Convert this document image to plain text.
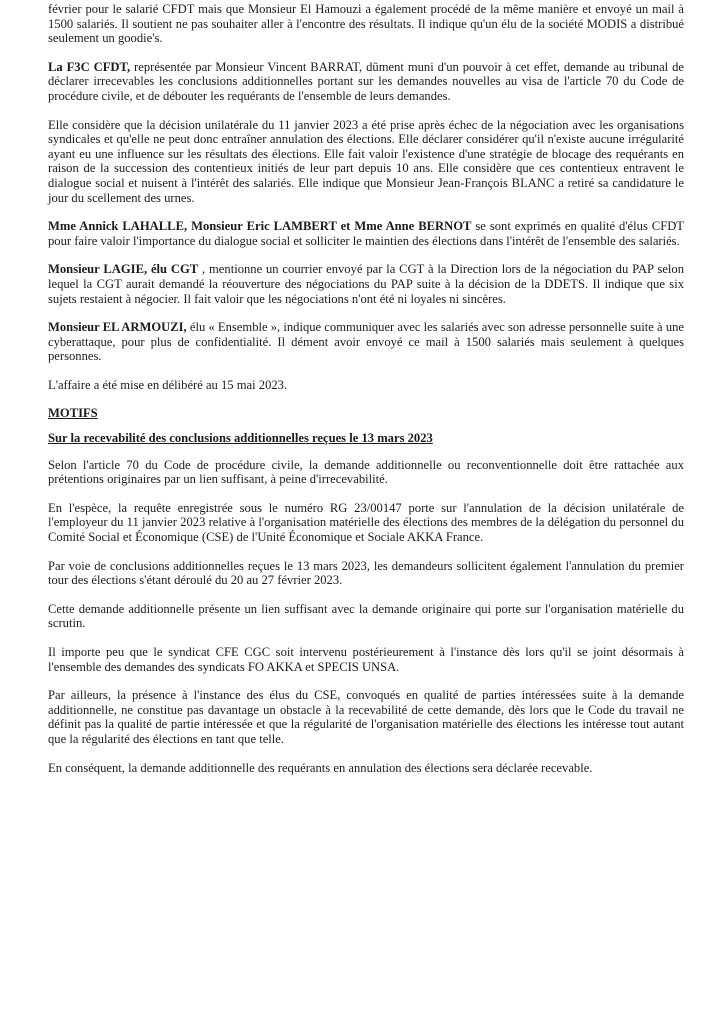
février pour le salarié CFDT mais que Monsieur El Hamouzi a également procédé de la même manière et envoyé un mail à 1500 salariés. Il soutient ne pas souhaiter aller à l'encontre des résultats. Il indique qu'un élu de la société MODIS a distribué seulement un goodie's.

La F3C CFDT, représentée par Monsieur Vincent BARRAT, dûment muni d'un pouvoir à cet effet, demande au tribunal de déclarer irrecevables les conclusions additionnelles portant sur les demandes nouvelles au visa de l'article 70 du Code de procédure civile, et de débouter les requérants de l'ensemble de leurs demandes.

Elle considère que la décision unilatérale du 11 janvier 2023 a été prise après échec de la négociation avec les organisations syndicales et qu'elle ne peut donc entraîner annulation des élections. Elle déclarer considérer qu'il n'existe aucune irrégularité ayant eu une influence sur les résultats des élections. Elle fait valoir l'existence d'une stratégie de blocage des requérants en raison de la succession des contentieux initiés de leur part depuis 10 ans. Elle considère que ces contentieux entravent le dialogue social et nuisent à l'intérêt des salariés. Elle indique que Monsieur Jean-François BLANC a retiré sa candidature le jour du scellement des urnes.

Mme Annick LAHALLE, Monsieur Eric LAMBERT et Mme Anne BERNOT se sont exprimés en qualité d'élus CFDT pour faire valoir l'importance du dialogue social et solliciter le maintien des élections dans l'intérêt de l'ensemble des salariés.

Monsieur LAGIE, élu CGT , mentionne un courrier envoyé par la CGT à la Direction lors de la négociation du PAP selon lequel la CGT aurait demandé la réouverture des négociations du PAP suite à la décision de la DDETS. Il indique que six sujets restaient à négocier. Il fait valoir que les négociations n'ont été ni loyales ni sincères.

Monsieur EL ARMOUZI, élu « Ensemble », indique communiquer avec les salariés avec son adresse personnelle suite à une cyberattaque, pour plus de confidentialité. Il dément avoir envoyé ce mail à 1500 salariés mais seulement à quelques personnes.

L'affaire a été mise en délibéré au 15 mai 2023.

MOTIFS
Sur la recevabilité des conclusions additionnelles reçues le 13 mars 2023

Selon l'article 70 du Code de procédure civile, la demande additionnelle ou reconventionnelle doit être rattachée aux prétentions originaires par un lien suffisant, à peine d'irrecevabilité.

En l'espèce, la requête enregistrée sous le numéro RG 23/00147 porte sur l'annulation de la décision unilatérale de l'employeur du 11 janvier 2023 relative à l'organisation matérielle des élections des membres de la délégation du personnel du Comité Social et Économique (CSE) de l'Unité Économique et Sociale AKKA France.

Par voie de conclusions additionnelles reçues le 13 mars 2023, les demandeurs sollicitent également l'annulation du premier tour des élections s'étant déroulé du 20 au 27 février 2023.

Cette demande additionnelle présente un lien suffisant avec la demande originaire qui porte sur l'organisation matérielle du scrutin.

Il importe peu que le syndicat CFE CGC soit intervenu postérieurement à l'instance dès lors qu'il se joint désormais à l'ensemble des demandes des syndicats FO AKKA et SPECIS UNSA.

Par ailleurs, la présence à l'instance des élus du CSE, convoqués en qualité de parties intéressées suite à la demande additionnelle, ne constitue pas davantage un obstacle à la recevabilité de cette demande, dès lors que le Code du travail ne définit pas la qualité de partie intéressée et que la régularité de l'organisation matérielle des élections les intéresse tout autant que la régularité des élections en tant que telle.

En conséquent, la demande additionnelle des requérants en annulation des élections sera déclarée recevable.
